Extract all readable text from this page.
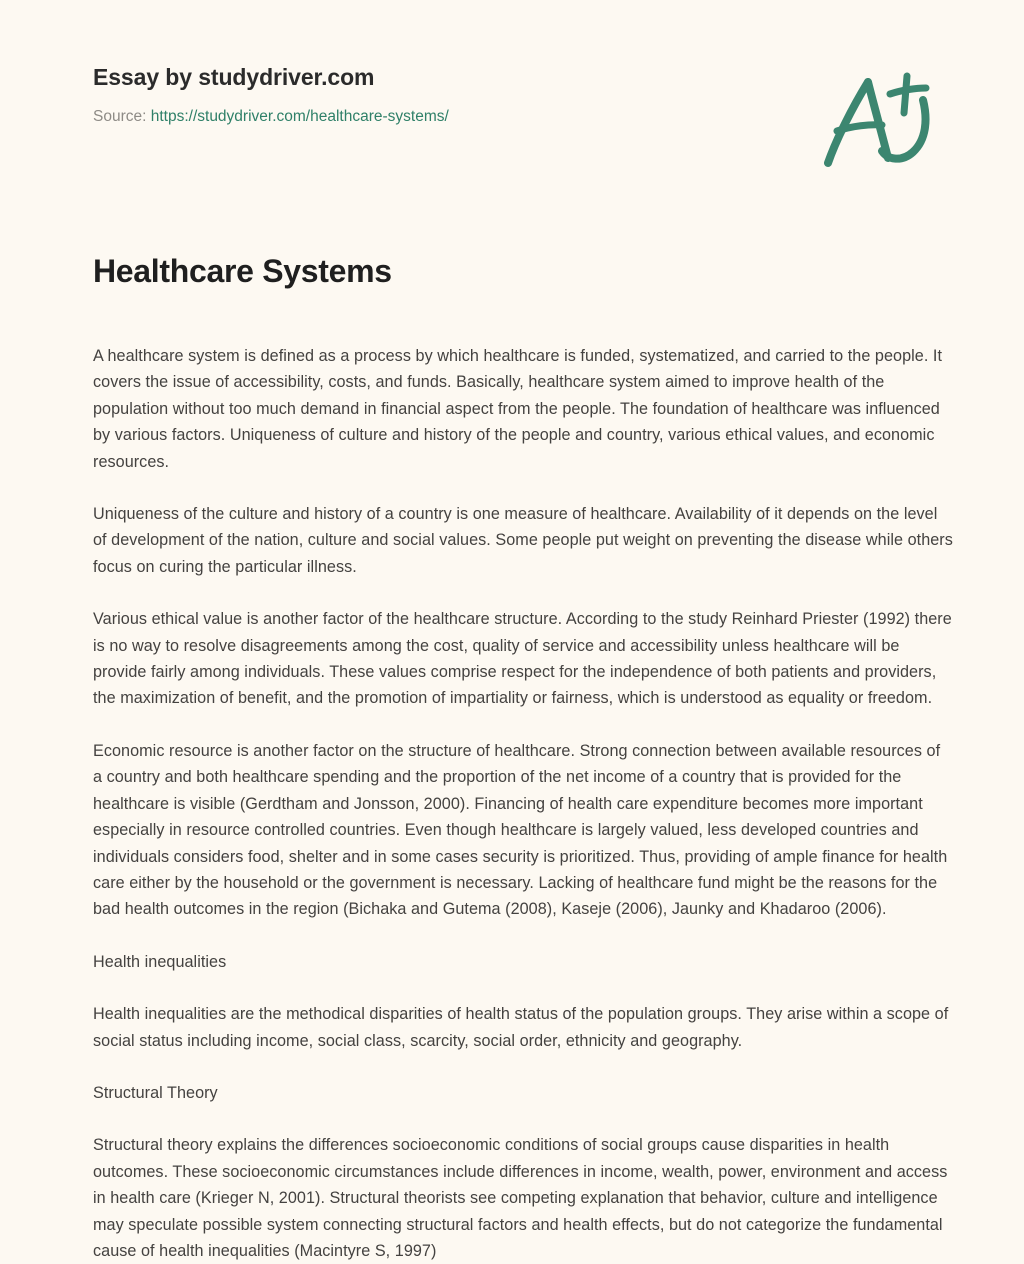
Essay by studydriver.com
Source: https://studydriver.com/healthcare-systems/
Healthcare Systems

A healthcare system is defined as a process by which healthcare is funded, systematized, and carried to the people. It covers the issue of accessibility, costs, and funds. Basically, healthcare system aimed to improve health of the population without too much demand in financial aspect from the people. The foundation of healthcare was influenced by various factors. Uniqueness of culture and history of the people and country, various ethical values, and economic resources.

Uniqueness of the culture and history of a country is one measure of healthcare. Availability of it depends on the level of development of the nation, culture and social values. Some people put weight on preventing the disease while others focus on curing the particular illness.

Various ethical value is another factor of the healthcare structure. According to the study Reinhard Priester (1992) there is no way to resolve disagreements among the cost, quality of service and accessibility unless healthcare will be provide fairly among individuals. These values comprise respect for the independence of both patients and providers, the maximization of benefit, and the promotion of impartiality or fairness, which is understood as equality or freedom.

Economic resource is another factor on the structure of healthcare. Strong connection between available resources of a country and both healthcare spending and the proportion of the net income of a country that is provided for the healthcare is visible (Gerdtham and Jonsson, 2000). Financing of health care expenditure becomes more important especially in resource controlled countries. Even though healthcare is largely valued, less developed countries and individuals considers food, shelter and in some cases security is prioritized. Thus, providing of ample finance for health care either by the household or the government is necessary. Lacking of healthcare fund might be the reasons for the bad health outcomes in the region (Bichaka and Gutema (2008), Kaseje (2006), Jaunky and Khadaroo (2006).

Health inequalities

Health inequalities are the methodical disparities of health status of the population groups. They arise within a scope of social status including income, social class, scarcity, social order, ethnicity and geography.

Structural Theory

Structural theory explains the differences socioeconomic conditions of social groups cause disparities in health outcomes. These socioeconomic circumstances include differences in income, wealth, power, environment and access in health care (Krieger N, 2001). Structural theorists see competing explanation that behavior, culture and intelligence may speculate possible system connecting structural factors and health effects, but do not categorize the fundamental cause of health inequalities (Macintyre S, 1997)
